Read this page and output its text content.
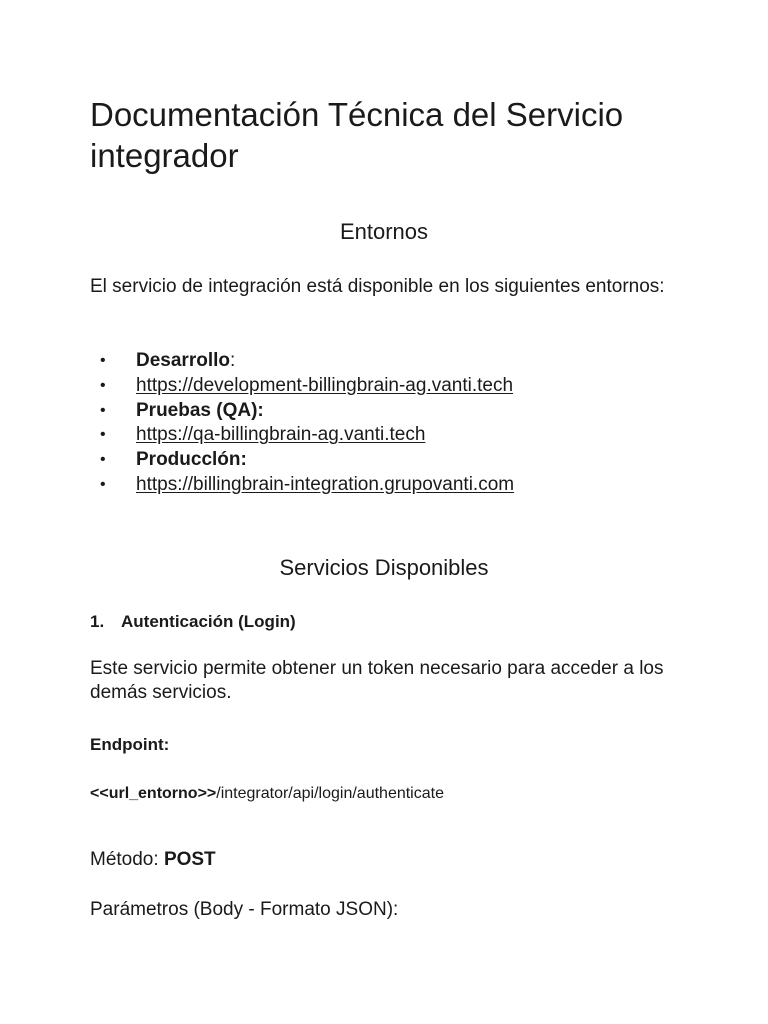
Documentación Técnica del Servicio integrador
Entornos

El servicio de integración está disponible en los siguientes entornos:

• Desarrollo:
• https://development-billingbrain-ag.vanti.tech
• Pruebas (QA):
• https://qa-billingbrain-ag.vanti.tech
• Producclón:
• https://billingbrain-integration.grupovanti.com
Servicios Disponibles
1. Autenticación (Login)

Este servicio permite obtener un token necesario para acceder a los demás servicios.

Endpoint:

<<url_entorno>>/integrator/api/login/authenticate

Método: POST

Parámetros (Body - Formato JSON):
